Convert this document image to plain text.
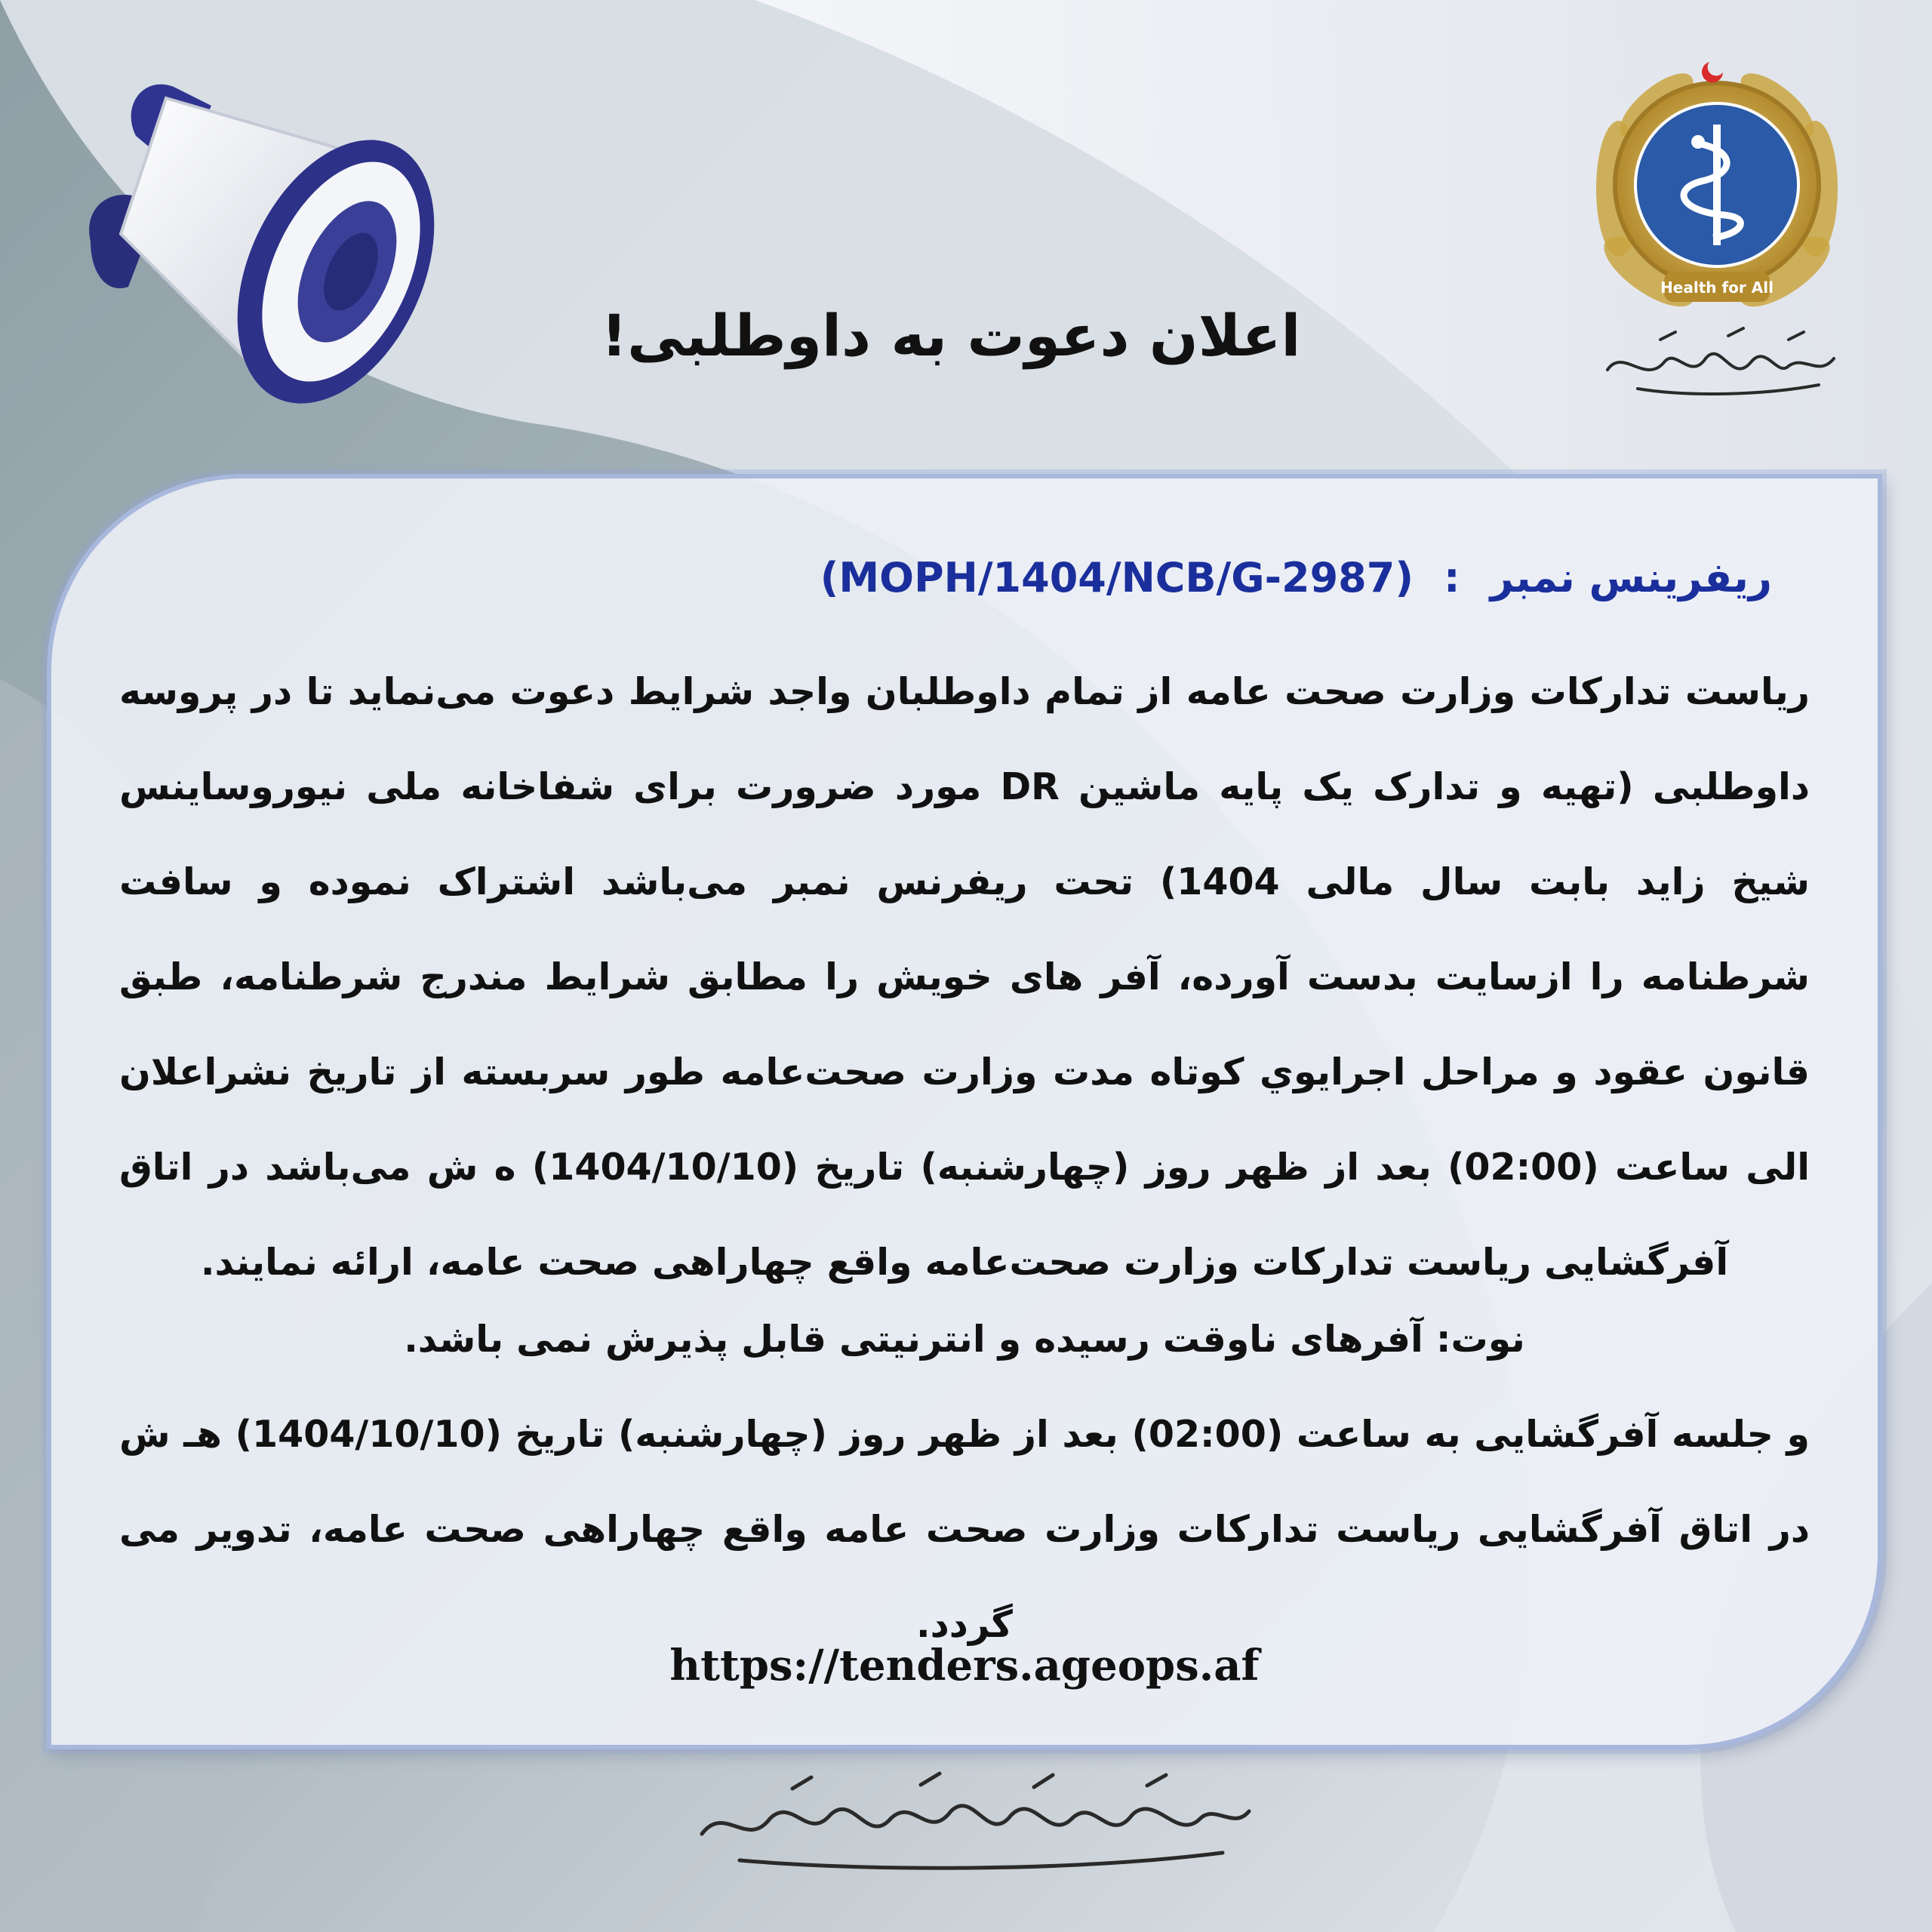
Health for All
اعلان دعوت به داوطلبی!
ریفرینس نمبر:(MOPH/1404/NCB/G-2987)

ریاست تدارکات وزارت صحت عامه از تمام داوطلبان واجد شرایط دعوت می‌نماید تا در پروسه داوطلبی (تهیه و تدارک یک پایه ماشین DR مورد ضرورت برای شفاخانه ملی نیوروساینس شیخ زاید بابت سال مالی 1404) تحت ریفرنس نمبر می‌باشد اشتراک نموده و سافت شرطنامه را ازسایت بدست آورده، آفر های خویش را مطابق شرایط مندرج شرطنامه، طبق قانون عقود و مراحل اجرایوي کوتاه مدت وزارت صحت‌عامه طور سربسته از تاریخ نشراعلان الی ساعت (02:00) بعد از ظهر روز (چهارشنبه) تاریخ (1404/10/10) ه ش می‌باشد در اتاق آفرگشایی ریاست تدارکات وزارت صحت‌عامه واقع چهاراهی صحت عامه، ارائه نمایند.

نوت: آفرهای ناوقت رسیده و انترنیتی قابل پذیرش نمی باشد.

و جلسه آفرگشایی به ساعت (02:00) بعد از ظهر روز (چهارشنبه) تاریخ (1404/10/10) هـ ش در اتاق آفرگشایی ریاست تدارکات وزارت صحت عامه واقع چهاراهی صحت عامه، تدویر می گردد.

https://tenders.ageops.af
